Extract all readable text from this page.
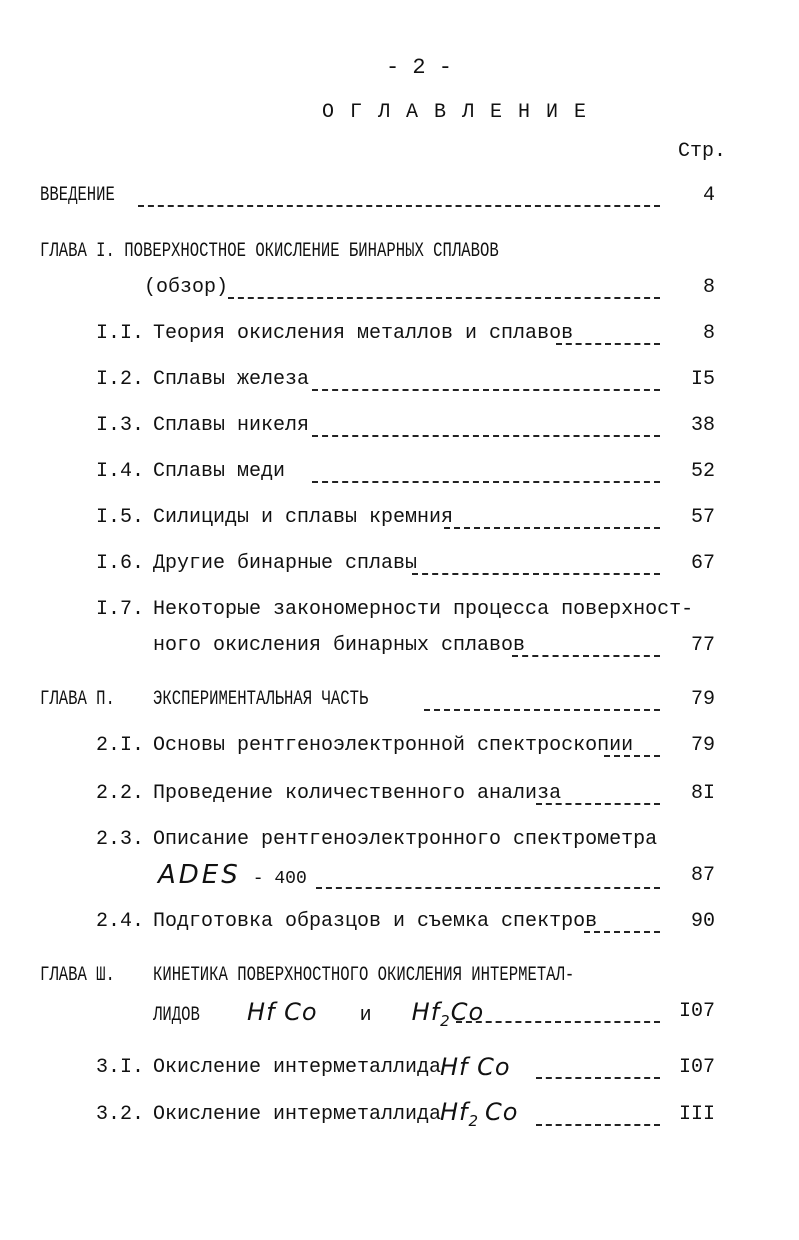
- 2 -
О Г Л А В Л Е Н И Е
Стр.
ВВЕДЕНИЕ	4
ГЛАВА I. ПОВЕРХНОСТНОЕ ОКИСЛЕНИЕ БИНАРНЫХ СПЛАВОВ
(обзор)	8
I.I. Теория окисления металлов и сплавов	8
I.2. Сплавы железа	I5
I.3. Сплавы никеля	38
I.4. Сплавы меди	52
I.5. Силициды и сплавы кремния	57
I.6. Другие бинарные сплавы	67
I.7. Некоторые закономерности процесса поверхност-
ного окисления бинарных сплавов	77
ГЛАВА П.	ЭКСПЕРИМЕНТАЛЬНАЯ ЧАСТЬ	79
2.I. Основы рентгеноэлектронной спектроскопии	79
2.2. Проведение количественного анализа	8I
2.3. Описание рентгеноэлектронного спектрометра
ADES - 400	87
2.4. Подготовка образцов и съемка спектров	90
ГЛАВА Ш.	КИНЕТИКА ПОВЕРХНОСТНОГО ОКИСЛЕНИЯ ИНТЕРМЕТАЛ-
ЛИДОВ Hf Co и $Hf_2Co$	I07
3.I. Окисление интерметаллида
Hf Co	I07
3.2. Окисление интерметаллида
$Hf_2$ Co	III
